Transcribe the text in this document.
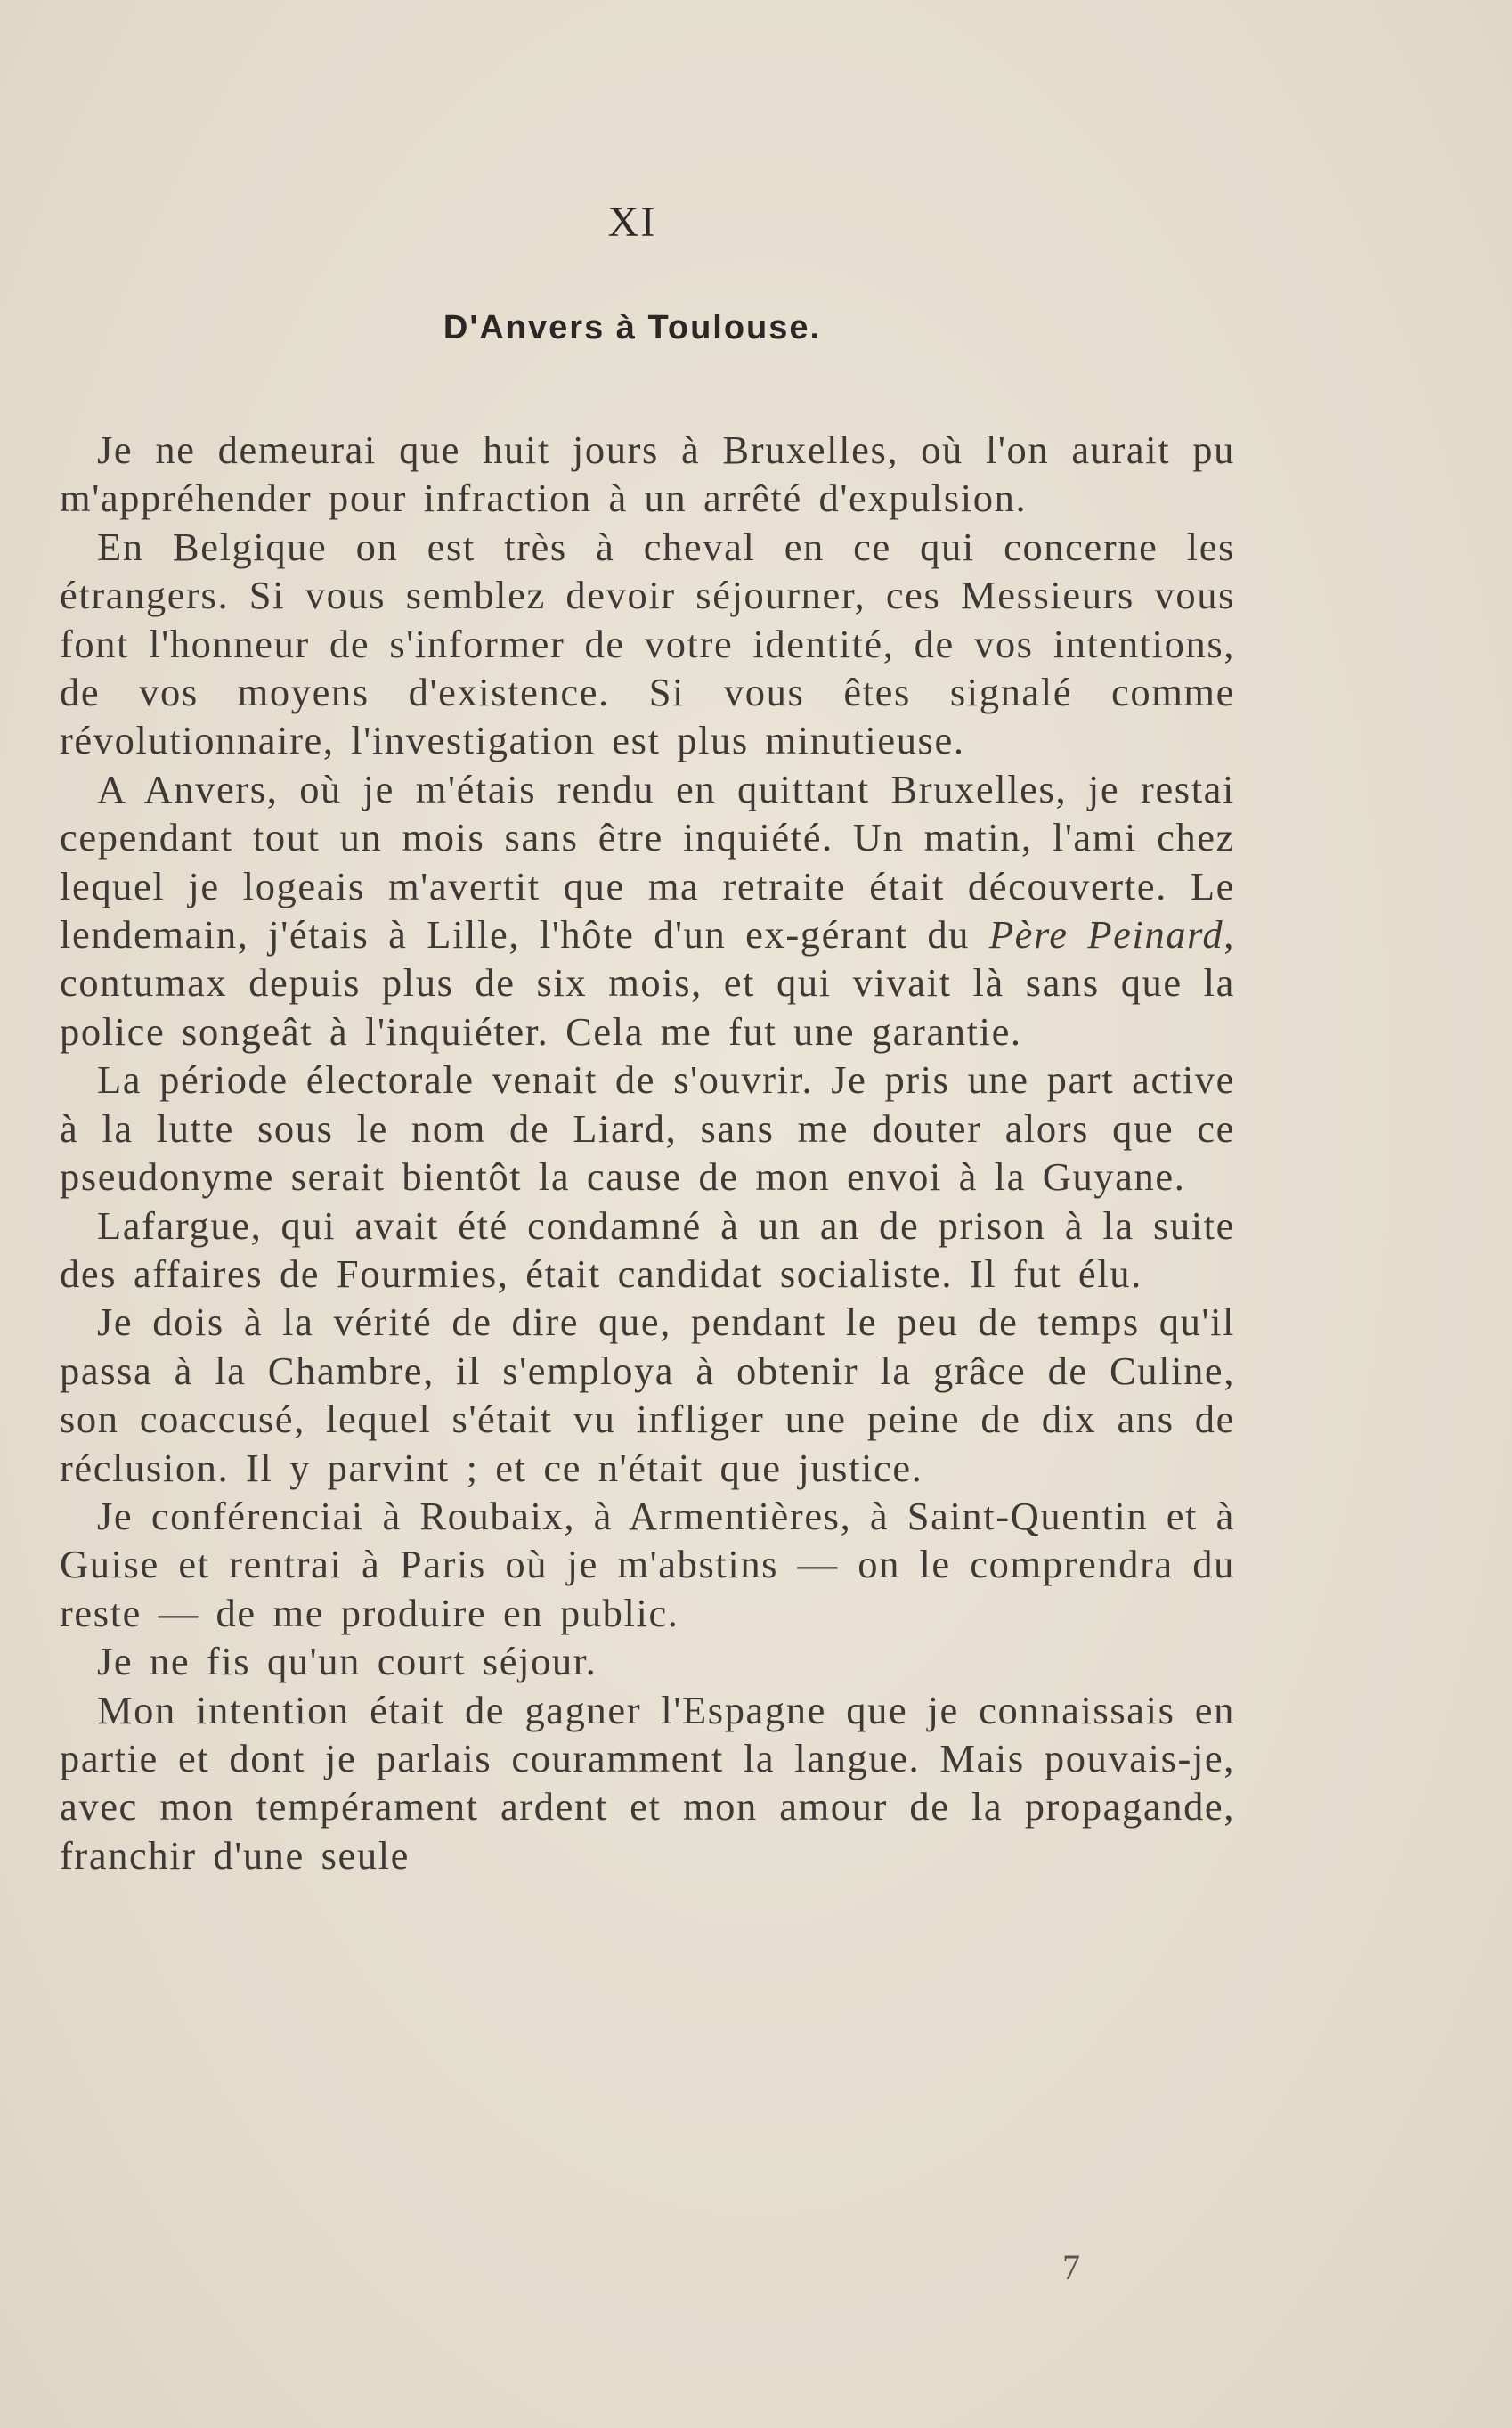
XI
D'Anvers à Toulouse.

Je ne demeurai que huit jours à Bruxelles, où l'on aurait pu m'appréhender pour infraction à un arrêté d'expulsion.

En Belgique on est très à cheval en ce qui concerne les étrangers. Si vous semblez devoir séjourner, ces Messieurs vous font l'honneur de s'informer de votre identité, de vos intentions, de vos moyens d'existence. Si vous êtes signalé comme révolutionnaire, l'investigation est plus minutieuse.

A Anvers, où je m'étais rendu en quittant Bruxelles, je restai cependant tout un mois sans être inquiété. Un matin, l'ami chez lequel je logeais m'avertit que ma retraite était découverte. Le lendemain, j'étais à Lille, l'hôte d'un ex-gérant du Père Peinard, contumax depuis plus de six mois, et qui vivait là sans que la police songeât à l'inquiéter. Cela me fut une garantie.

La période électorale venait de s'ouvrir. Je pris une part active à la lutte sous le nom de Liard, sans me douter alors que ce pseudonyme serait bientôt la cause de mon envoi à la Guyane.

Lafargue, qui avait été condamné à un an de prison à la suite des affaires de Fourmies, était candidat socialiste. Il fut élu.

Je dois à la vérité de dire que, pendant le peu de temps qu'il passa à la Chambre, il s'employa à obtenir la grâce de Culine, son coaccusé, lequel s'était vu infliger une peine de dix ans de réclusion. Il y parvint ; et ce n'était que justice.

Je conférenciai à Roubaix, à Armentières, à Saint-Quentin et à Guise et rentrai à Paris où je m'abstins — on le comprendra du reste — de me produire en public.

Je ne fis qu'un court séjour.

Mon intention était de gagner l'Espagne que je connaissais en partie et dont je parlais couramment la langue. Mais pouvais-je, avec mon tempérament ardent et mon amour de la propagande, franchir d'une seule

7
